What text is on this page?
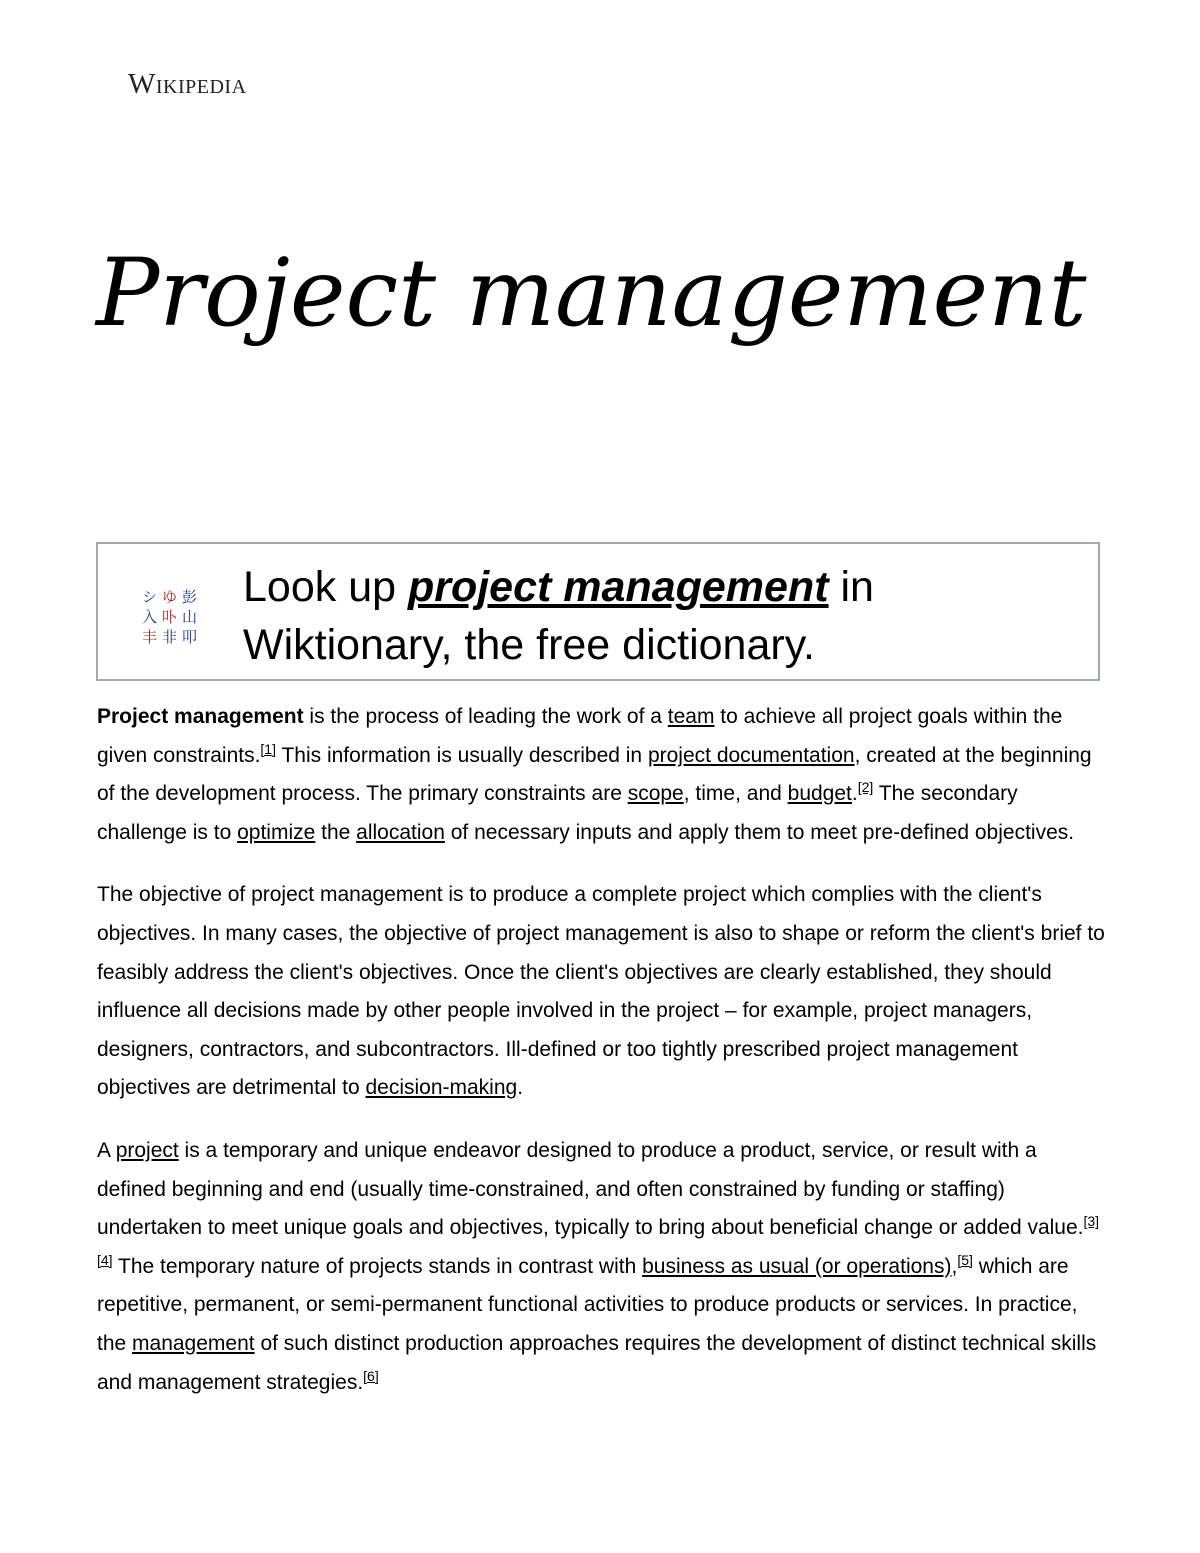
Wikipedia
Project management
シ ゆ 彭
入 卟 山
丰 非 叩
Look up project management in Wiktionary, the free dictionary.

Project management is the process of leading the work of a team to achieve all project goals within the given constraints.[1] This information is usually described in project documentation, created at the beginning of the development process. The primary constraints are scope, time, and budget.[2] The secondary challenge is to optimize the allocation of necessary inputs and apply them to meet pre-defined objectives.

The objective of project management is to produce a complete project which complies with the client's objectives. In many cases, the objective of project management is also to shape or reform the client's brief to feasibly address the client's objectives. Once the client's objectives are clearly established, they should influence all decisions made by other people involved in the project – for example, project managers, designers, contractors, and subcontractors. Ill-defined or too tightly prescribed project management objectives are detrimental to decision-making.

A project is a temporary and unique endeavor designed to produce a product, service, or result with a defined beginning and end (usually time-constrained, and often constrained by funding or staffing) undertaken to meet unique goals and objectives, typically to bring about beneficial change or added value.[3][4] The temporary nature of projects stands in contrast with business as usual (or operations),[5] which are repetitive, permanent, or semi-permanent functional activities to produce products or services. In practice, the management of such distinct production approaches requires the development of distinct technical skills and management strategies.[6]
